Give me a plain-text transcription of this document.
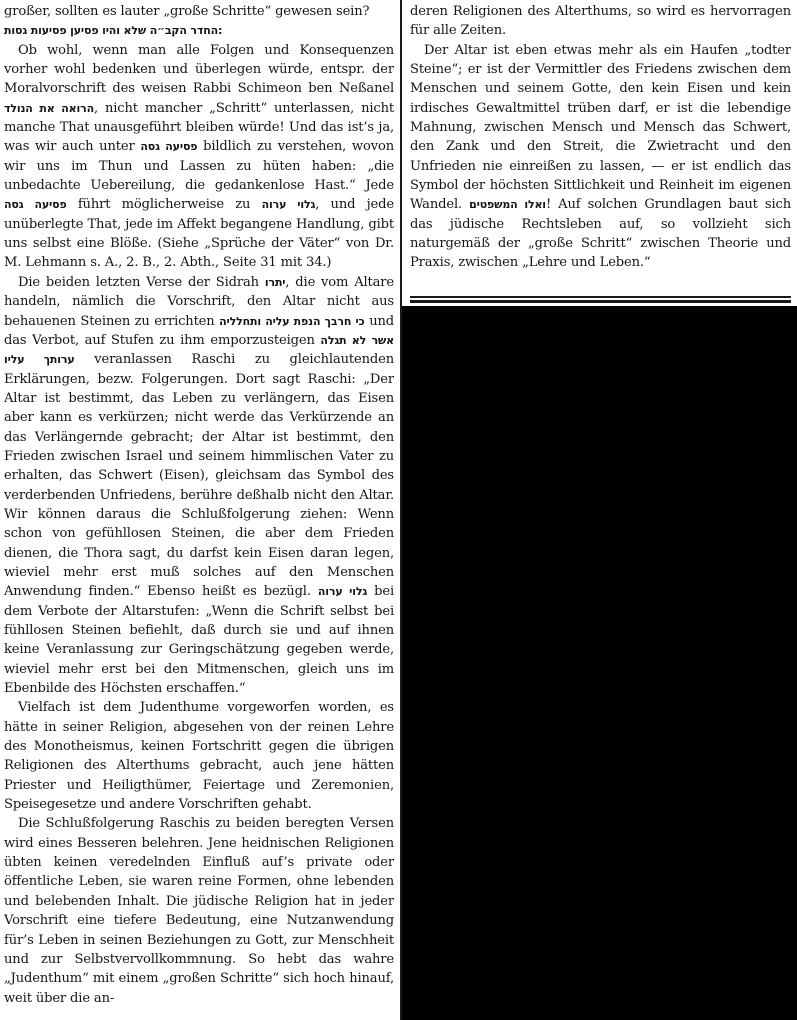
großer, sollten es lauter „große Schritte“ gewesen sein?
:החדר הקב״ה שלא והיו פסיען פסיעות גסות

Ob wohl, wenn man alle Folgen und Konsequenzen vorher wohl bedenken und überlegen würde, entspr. der Moralvorschrift des weisen Rabbi Schimeon ben Neßanel הרואה את הנולד, nicht mancher „Schritt“ unterlassen, nicht manche That unausgeführt bleiben würde! Und das ist’s ja, was wir auch unter פסיעה גסה bildlich zu verstehen, wovon wir uns im Thun und Lassen zu hüten haben: „die unbedachte Uebereilung, die gedankenlose Hast.“ Jede פסיעה גסה führt möglicherweise zu גלוי ערוה, und jede unüberlegte That, jede im Affekt begangene Handlung, gibt uns selbst eine Blöße. (Siehe „Sprüche der Väter“ von Dr. M. Lehmann s. A., 2. B., 2. Abth., Seite 31 mit 34.)

Die beiden letzten Verse der Sidrah יתרו, die vom Altare handeln, nämlich die Vorschrift, den Altar nicht aus behauenen Steinen zu errichten כי חרבך הנפת עליה ותחלליה und das Verbot, auf Stufen zu ihm emporzusteigen אשר לא תגלה ערותך עליו veranlassen Raschi zu gleichlautenden Erklärungen, bezw. Folgerungen. Dort sagt Raschi: „Der Altar ist bestimmt, das Leben zu verlängern, das Eisen aber kann es verkürzen; nicht werde das Verkürzende an das Verlängernde gebracht; der Altar ist bestimmt, den Frieden zwischen Israel und seinem himmlischen Vater zu erhalten, das Schwert (Eisen), gleichsam das Symbol des verderbenden Unfriedens, berühre deßhalb nicht den Altar. Wir können daraus die Schlußfolgerung ziehen: Wenn schon von gefühllosen Steinen, die aber dem Frieden dienen, die Thora sagt, du darfst kein Eisen daran legen, wieviel mehr erst muß solches auf den Menschen Anwendung finden.“ Ebenso heißt es bezügl. גלוי ערוה bei dem Verbote der Altarstufen: „Wenn die Schrift selbst bei fühllosen Steinen befiehlt, daß durch sie und auf ihnen keine Veranlassung zur Geringschätzung gegeben werde, wieviel mehr erst bei den Mitmenschen, gleich uns im Ebenbilde des Höchsten erschaffen.“

Vielfach ist dem Judenthume vorgeworfen worden, es hätte in seiner Religion, abgesehen von der reinen Lehre des Monotheismus, keinen Fortschritt gegen die übrigen Religionen des Alterthums gebracht, auch jene hätten Priester und Heiligthümer, Feiertage und Zeremonien, Speisegesetze und andere Vorschriften gehabt.

Die Schlußfolgerung Raschis zu beiden beregten Versen wird eines Besseren belehren. Jene heidnischen Religionen übten keinen veredelnden Einfluß auf’s private oder öffentliche Leben, sie waren reine Formen, ohne lebenden und belebenden Inhalt. Die jüdische Religion hat in jeder Vorschrift eine tiefere Bedeutung, eine Nutzanwendung für’s Leben in seinen Beziehungen zu Gott, zur Menschheit und zur Selbstvervollkommnung. So hebt das wahre „Judenthum“ mit einem „großen Schritte“ sich hoch hinauf, weit über die an-

deren Religionen des Alterthums, so wird es hervorragen für alle Zeiten.

Der Altar ist eben etwas mehr als ein Haufen „todter Steine“; er ist der Vermittler des Friedens zwischen dem Menschen und seinem Gotte, den kein Eisen und kein irdisches Gewaltmittel trüben darf, er ist die lebendige Mahnung, zwischen Mensch und Mensch das Schwert, den Zank und den Streit, die Zwietracht und den Unfrieden nie einreißen zu lassen, — er ist endlich das Symbol der höchsten Sittlichkeit und Reinheit im eigenen Wandel. ואלו המשפטים! Auf solchen Grundlagen baut sich das jüdische Rechtsleben auf, so vollzieht sich naturgemäß der „große Schritt“ zwischen Theorie und Praxis, zwischen „Lehre und Leben.“
